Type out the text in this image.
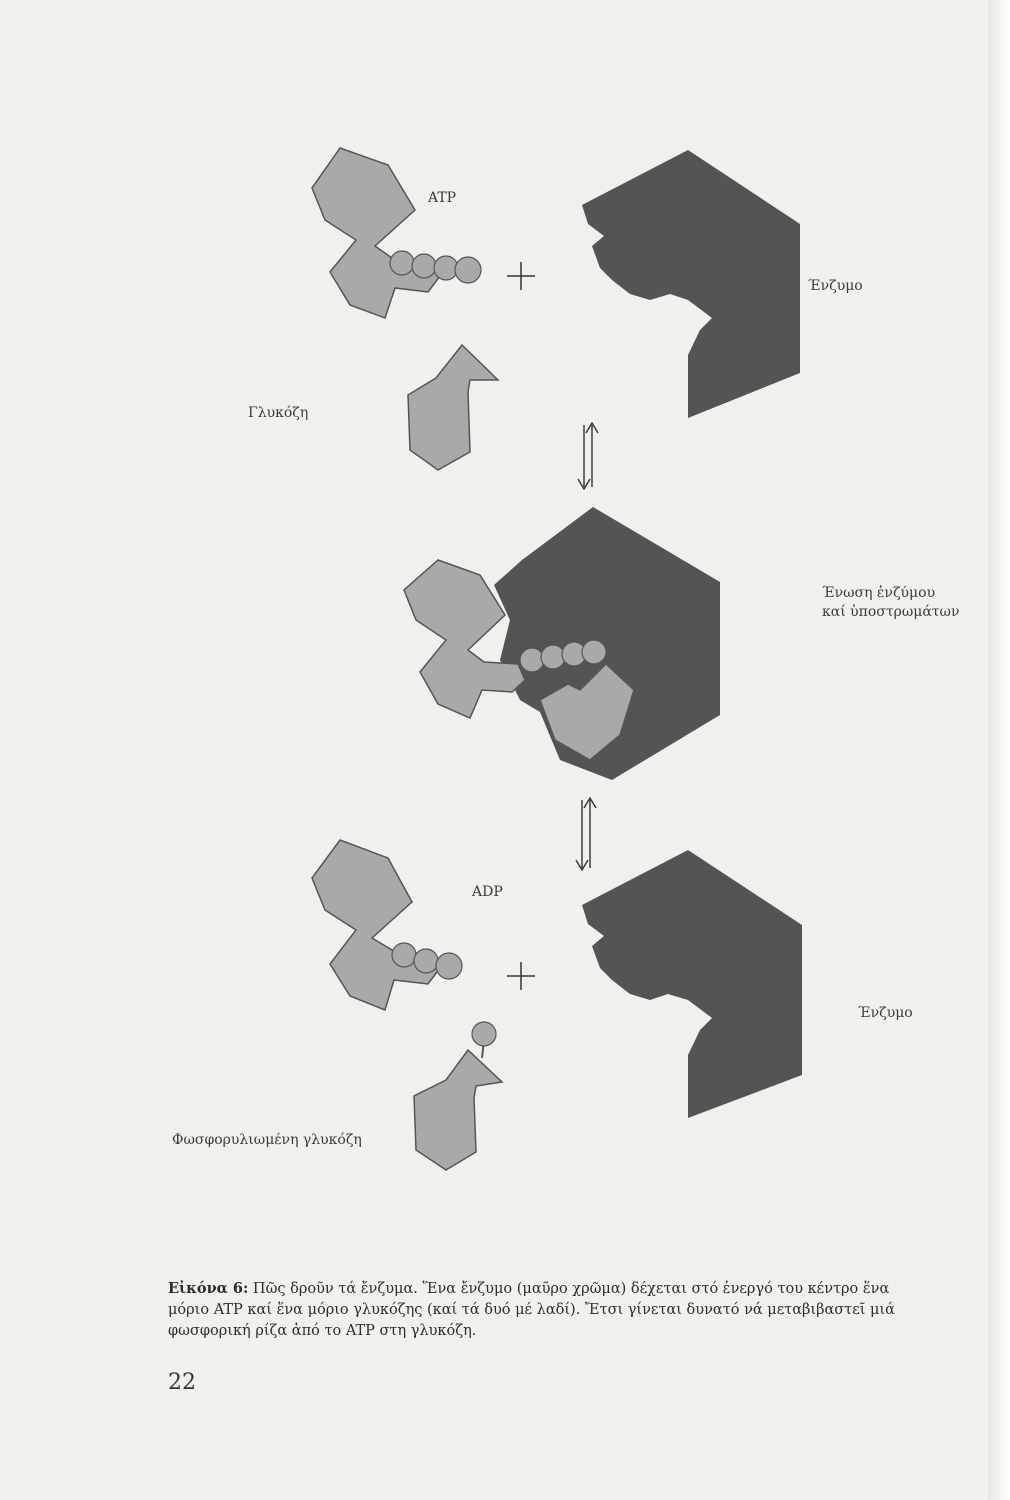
ATP
Ένζυμο
Γλυκόζη
Ένωση ἐνζύμου
καί ὑποστρωμάτων
ADP
Ένζυμο
Φωσφορυλιωμένη γλυκόζη
Εἰκόνα 6: Πῶς δροῦν τά ἔνζυμα. Ἕνα ἔνζυμο (μαῦρο χρῶμα) δέχεται στό ἐνεργό του κέντρο ἕνα
μόριο ATP καί ἕνα μόριο γλυκόζης (καί τά δυό μέ λαδί). Ἔτσι γίνεται δυνατό νά μεταβιβαστεῖ μιά
φωσφορική ρίζα ἀπό το ATP στη γλυκόζη.
22
